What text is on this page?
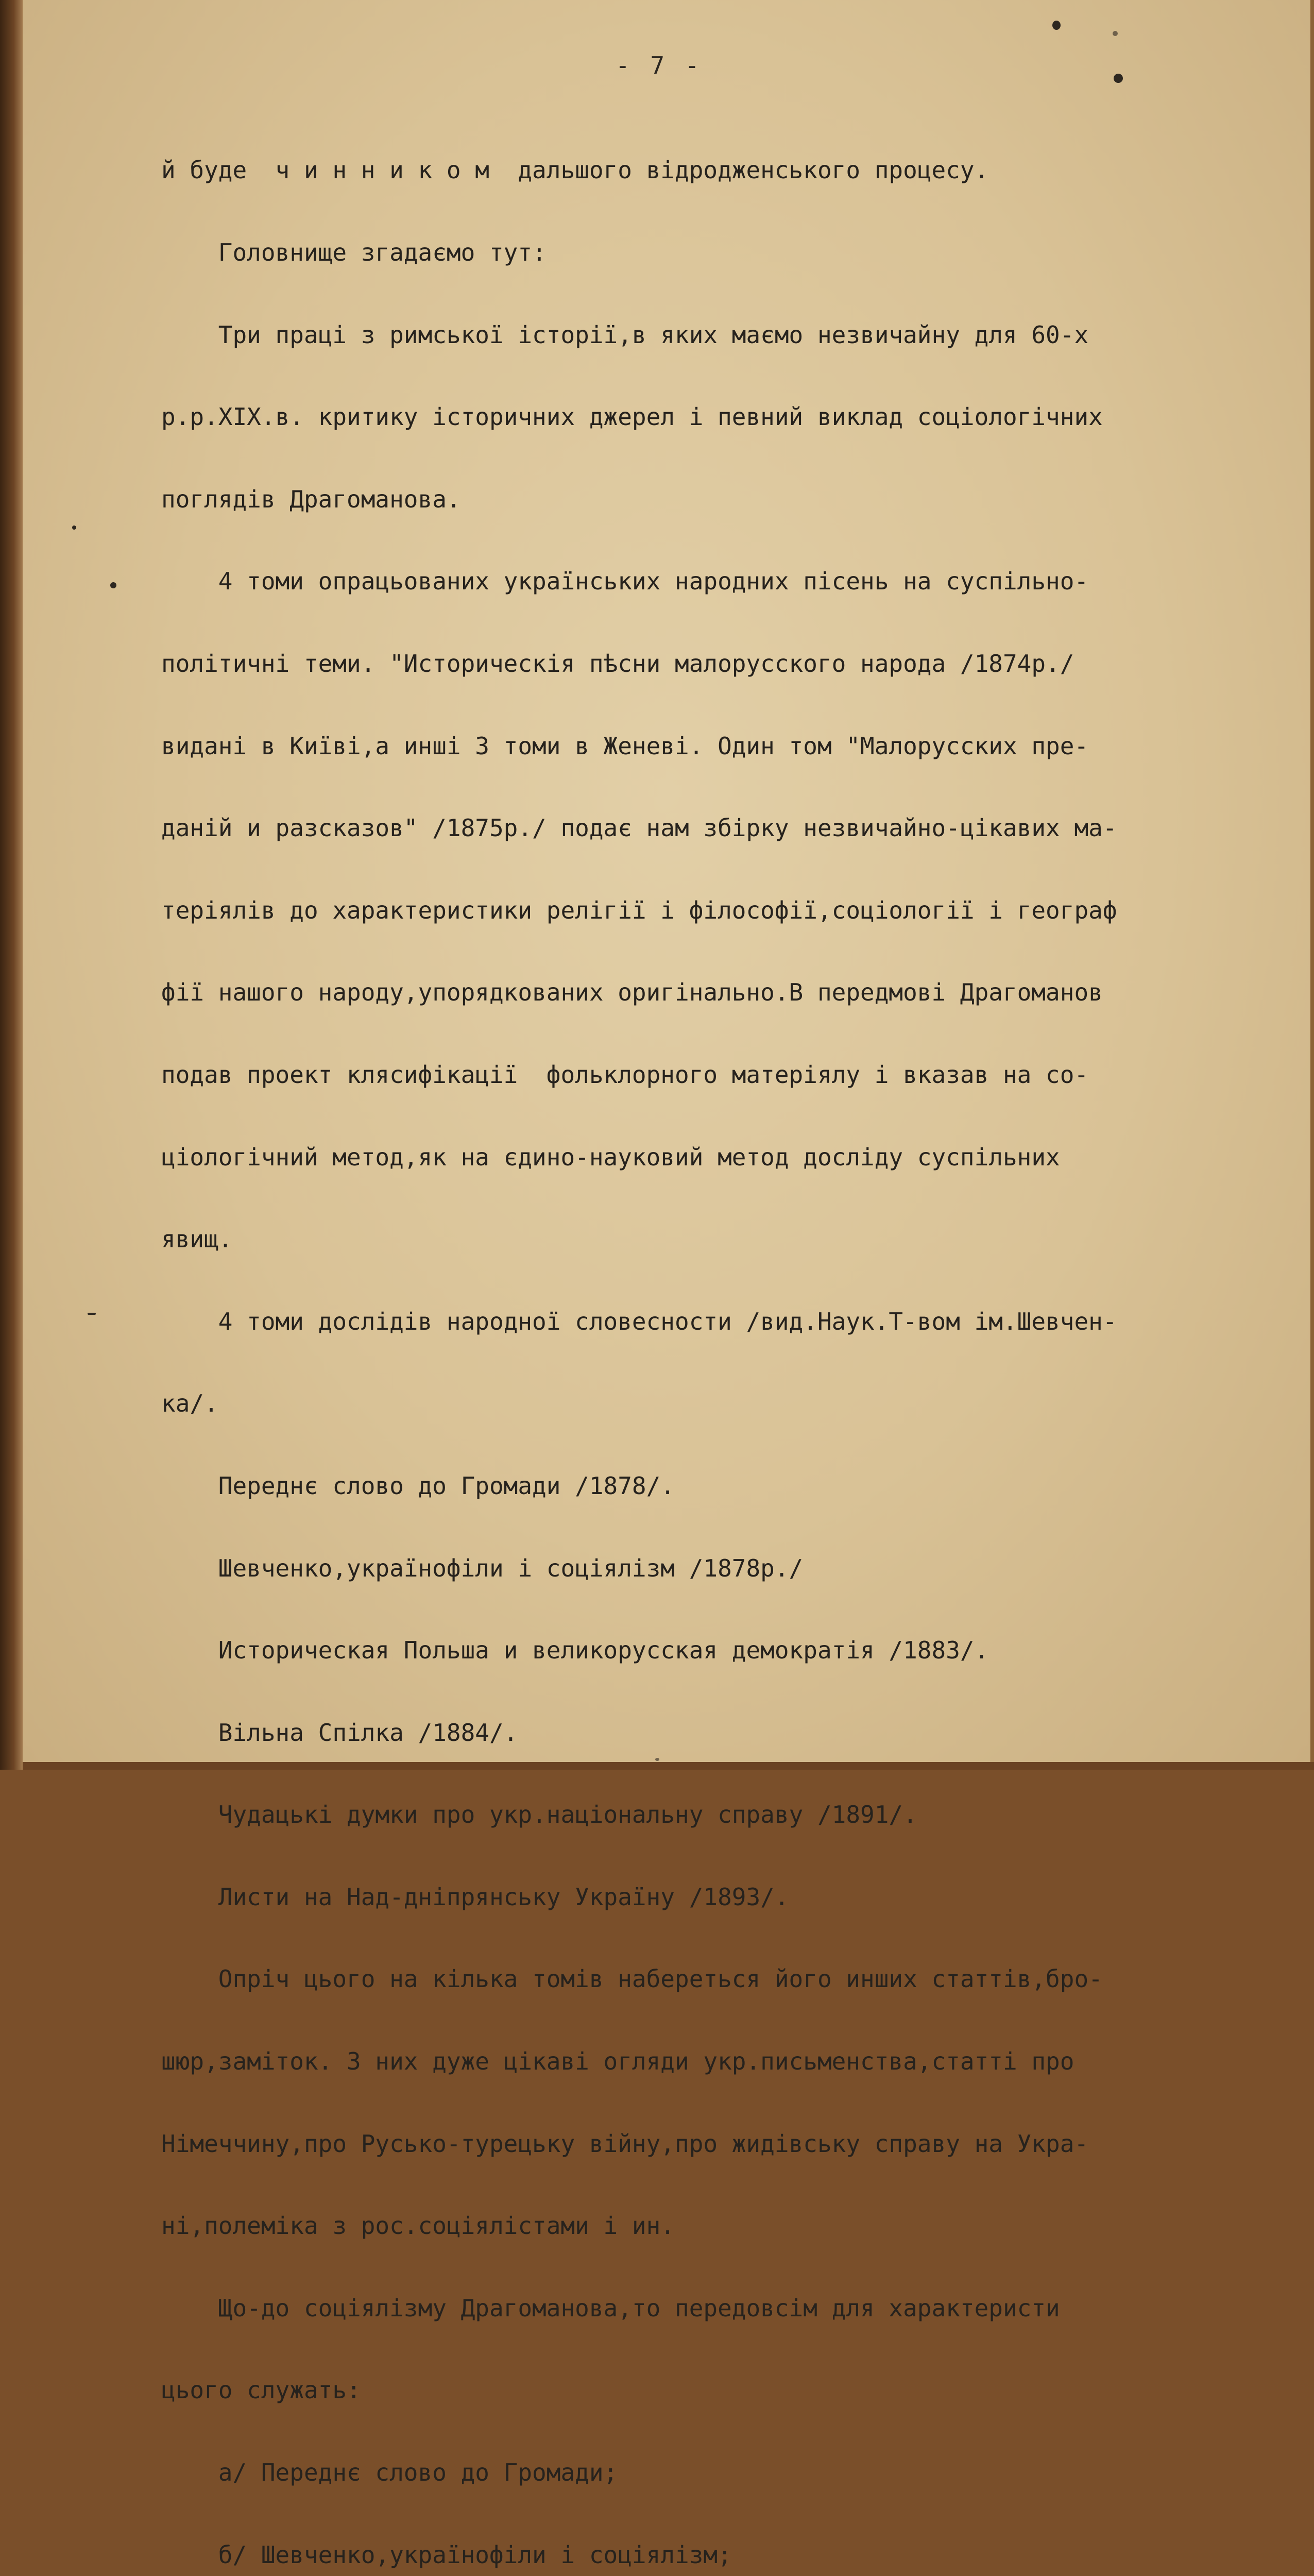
- 7 -

й буде  ч и н н и к о м  дальшого відродженського процесу.

Головнище згадаємо тут:

Три праці з римської історії,в яких маємо незвичайну для 60-х

р.р.XIX.в. критику історичних джерел і певний виклад соціологічних

поглядів Драгоманова.

4 томи опрацьованих українських народних пісень на суспільно-

політичні теми. "Историческія пѣсни малорусского народа /1874р./

видані в Київі,а инші 3 томи в Женеві. Один том "Малорусских пре-

даній и разсказов" /1875р./ подає нам збірку незвичайно-цікавих ма-

теріялів до характеристики релігії і філософії,соціології і географ

фії нашого народу,упорядкованих оригінально.В передмові Драгоманов

подав проект клясифікації  фольклорного матеріялу і вказав на со-

ціологічний метод,як на єдино-науковий метод досліду суспільних

явищ.

4 томи дослідів народної словесности /вид.Наук.Т-вом ім.Шевчен-

ка/.

Переднє слово до Громади /1878/.

Шевченко,українофіли і соціялізм /1878р./

Историческая Польша и великорусская демократія /1883/.

Вільна Спілка /1884/.

Чудацькі думки про укр.національну справу /1891/.

Листи на Над-дніпрянську Україну /1893/.

Опріч цього на кілька томів набереться його инших статтів,бро-

шюр,заміток. З них дуже цікаві огляди укр.письменства,статті про

Німеччину,про Русько-турецьку війну,про жидівську справу на Укра-

ні,полеміка з рос.соціялістами і ин.

Що-до соціялізму Драгоманова,то передовсім для характеристи

цього служать:

а/ Переднє слово до Громади;

б/ Шевченко,українофіли і соціялізм;
